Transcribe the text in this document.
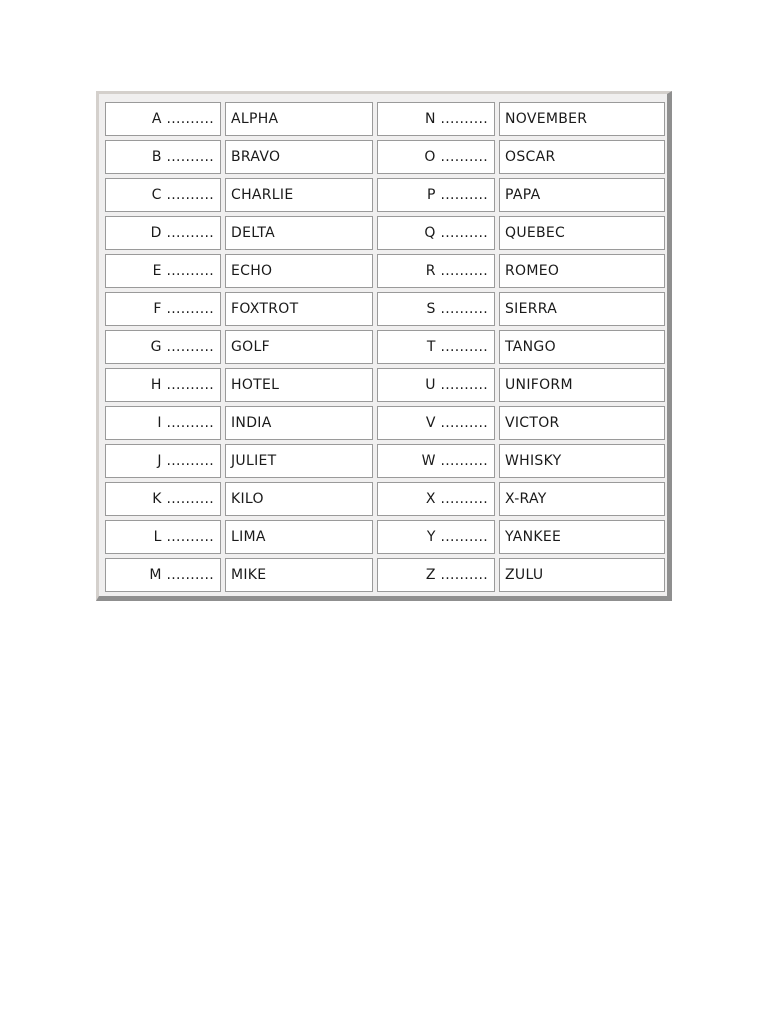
A ..........	ALPHA	N ..........	NOVEMBER
B ..........	BRAVO	O ..........	OSCAR
C ..........	CHARLIE	P ..........	PAPA
D ..........	DELTA	Q ..........	QUEBEC
E ..........	ECHO	R ..........	ROMEO
F ..........	FOXTROT	S ..........	SIERRA
G ..........	GOLF	T ..........	TANGO
H ..........	HOTEL	U ..........	UNIFORM
I ..........	INDIA	V ..........	VICTOR
J ..........	JULIET	W ..........	WHISKY
K ..........	KILO	X ..........	X-RAY
L ..........	LIMA	Y ..........	YANKEE
M ..........	MIKE	Z ..........	ZULU
